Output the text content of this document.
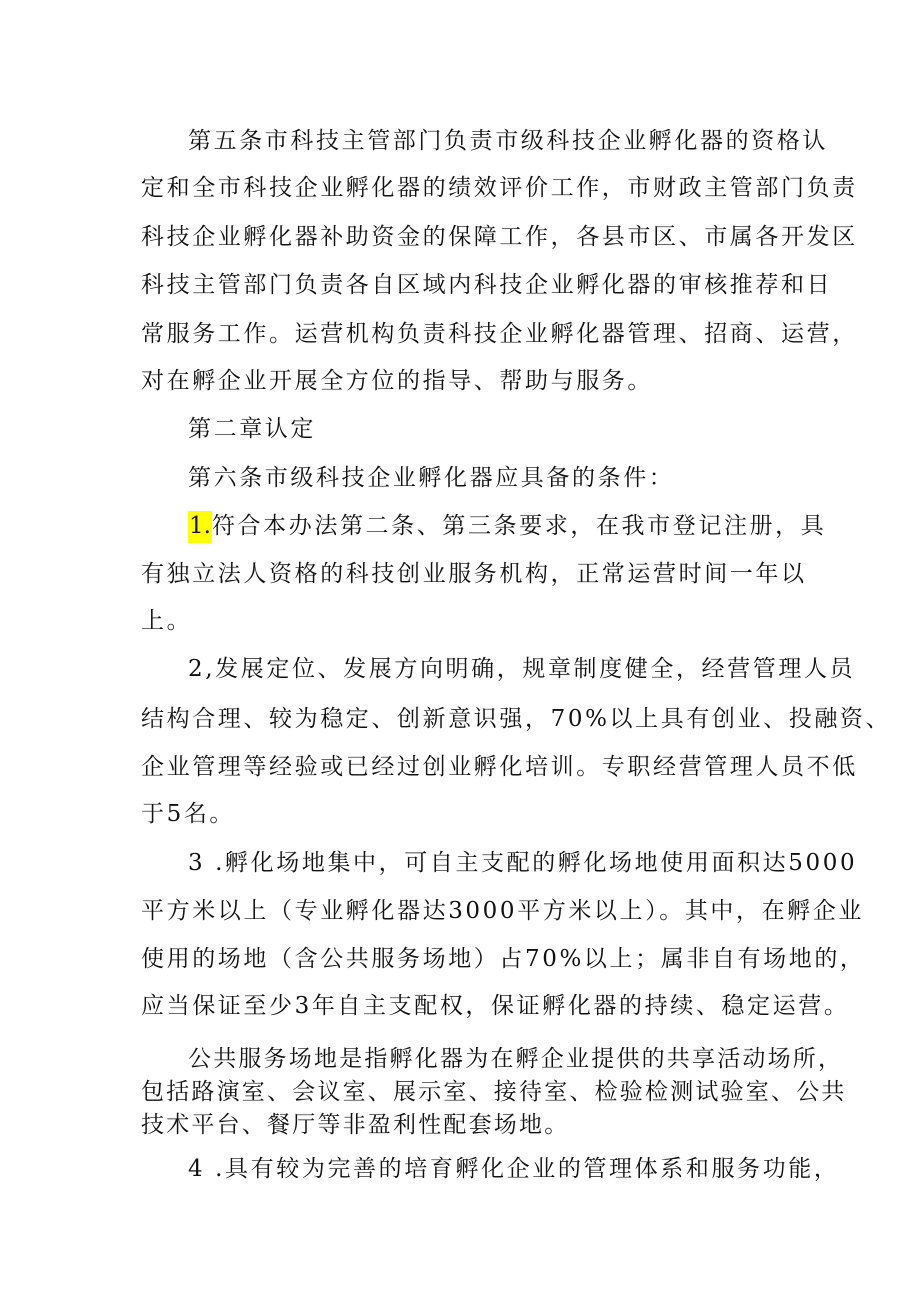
第五条市科技主管部门负责市级科技企业孵化器的资格认
定和全市科技企业孵化器的绩效评价工作，市财政主管部门负责
科技企业孵化器补助资金的保障工作，各县市区、市属各开发区
科技主管部门负责各自区域内科技企业孵化器的审核推荐和日
常服务工作。运营机构负责科技企业孵化器管理、招商、运营，
对在孵企业开展全方位的指导、帮助与服务。
第二章认定
第六条市级科技企业孵化器应具备的条件：
1.符合本办法第二条、第三条要求，在我市登记注册，具
有独立法人资格的科技创业服务机构，正常运营时间一年以
上。
2,发展定位、发展方向明确，规章制度健全，经营管理人员
结构合理、较为稳定、创新意识强，70%以上具有创业、投融资、
企业管理等经验或已经过创业孵化培训。专职经营管理人员不低
于5名。
3 .孵化场地集中，可自主支配的孵化场地使用面积达5000
平方米以上（专业孵化器达3000平方米以上）。其中，在孵企业
使用的场地（含公共服务场地）占70%以上；属非自有场地的，
应当保证至少3年自主支配权，保证孵化器的持续、稳定运营。
公共服务场地是指孵化器为在孵企业提供的共享活动场所，
包括路演室、会议室、展示室、接待室、检验检测试验室、公共
技术平台、餐厅等非盈利性配套场地。
4 .具有较为完善的培育孵化企业的管理体系和服务功能，
